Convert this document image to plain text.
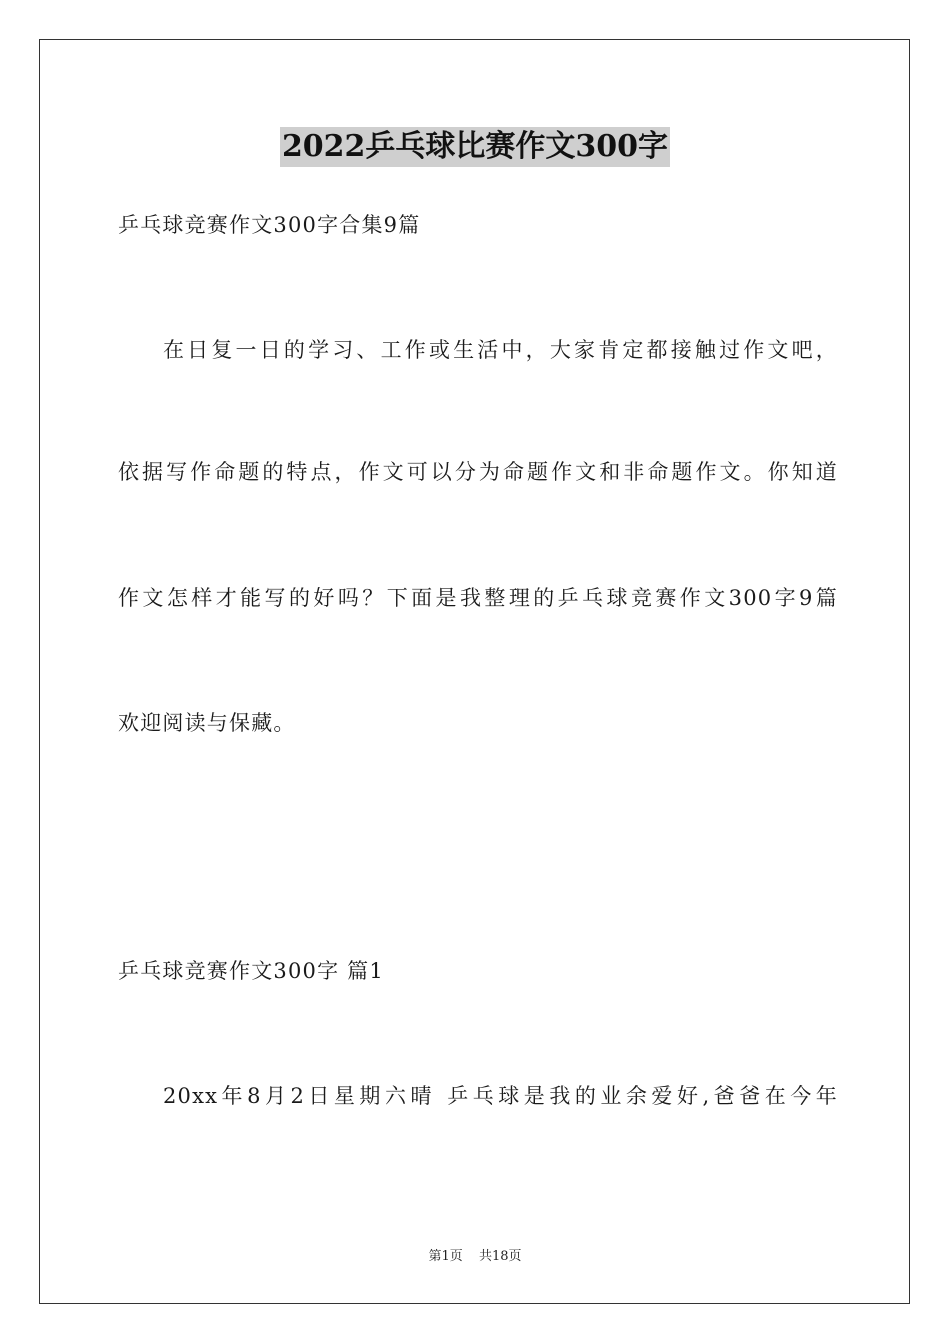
2022乒乓球比赛作文300字
乒乓球竞赛作文300字合集9篇
在日复一日的学习、工作或生活中，大家肯定都接触过作文吧，
依据写作命题的特点，作文可以分为命题作文和非命题作文。你知道
作文怎样才能写的好吗？下面是我整理的乒乓球竞赛作文300字9篇
欢迎阅读与保藏。
乒乓球竞赛作文300字 篇1
20xx年8月2日星期六晴 乒乓球是我的业余爱好,爸爸在今年
第1页 共18页
